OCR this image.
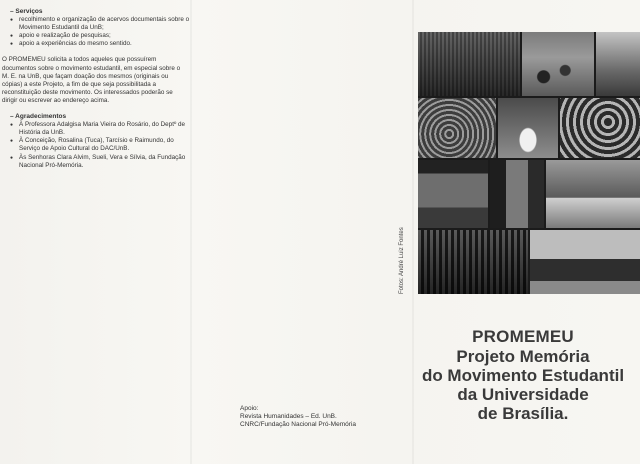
– Serviços
● recolhimento e organização de acervos documentais sobre o Movimento Estudantil da UnB;
● apoio e realização de pesquisas;
● apoio a experiências do mesmo sentido.
O PROMEMEU solicita a todos aqueles que possuírem documentos sobre o movimento estudantil, em especial sobre o M. E. na UnB, que façam doação dos mesmos (originais ou cópias) a este Projeto, a fim de que seja possibilitada a reconstituição deste movimento. Os interessados poderão se dirigir ou escrever ao endereço acima.
– Agradecimentos
● À Professora Adalgisa Maria Vieira do Rosário, do Deptº de História da UnB.
● À Conceição, Rosalina (Tuca), Tarcísio e Raimundo, do Serviço de Apoio Cultural do DAC/UnB.
● Às Senhoras Clara Alvim, Sueli, Vera e Sílvia, da Fundação Nacional Pró-Memória.
Apoio:
Revista Humanidades – Ed. UnB.
CNRC/Fundação Nacional Pró-Memória
PROMEMEU
Projeto Memória
do Movimento Estudantil
da Universidade
de Brasília.
